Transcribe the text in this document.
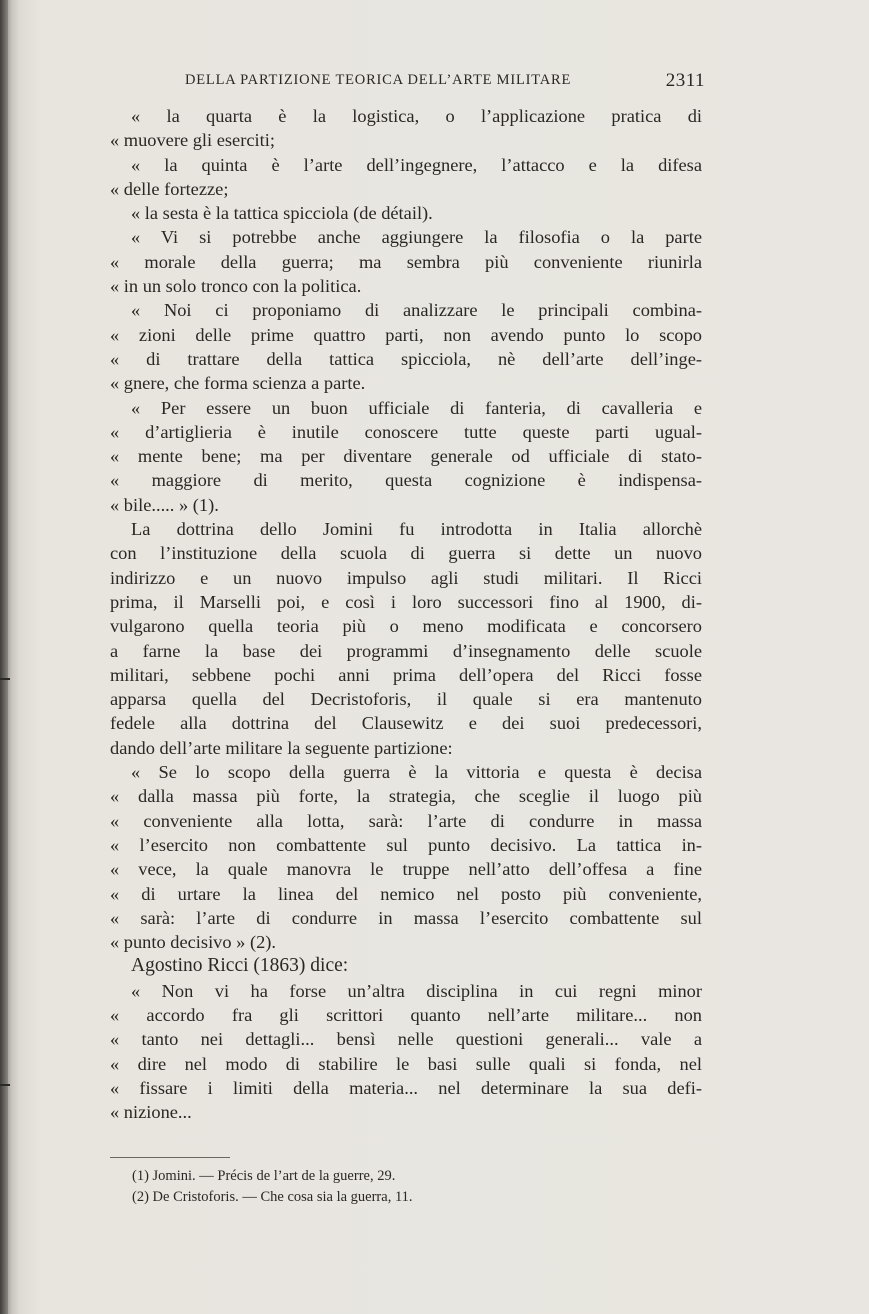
DELLA PARTIZIONE TEORICA DELL’ARTE MILITARE	2311
« la quarta è la logistica, o l’applicazione pratica di
« muovere gli eserciti;
« la quinta è l’arte dell’ingegnere, l’attacco e la difesa
« delle fortezze;
« la sesta è la tattica spicciola (de détail).
« Vi si potrebbe anche aggiungere la filosofia o la parte
« morale della guerra; ma sembra più conveniente riunirla
« in un solo tronco con la politica.
« Noi ci proponiamo di analizzare le principali combina-
« zioni delle prime quattro parti, non avendo punto lo scopo
« di trattare della tattica spicciola, nè dell’arte dell’inge-
« gnere, che forma scienza a parte.
« Per essere un buon ufficiale di fanteria, di cavalleria e
« d’artiglieria è inutile conoscere tutte queste parti ugual-
« mente bene; ma per diventare generale od ufficiale di stato-
« maggiore di merito, questa cognizione è indispensa-
« bile..... » (1).
La dottrina dello Jomini fu introdotta in Italia allorchè
con l’instituzione della scuola di guerra si dette un nuovo
indirizzo e un nuovo impulso agli studi militari. Il Ricci
prima, il Marselli poi, e così i loro successori fino al 1900, di-
vulgarono quella teoria più o meno modificata e concorsero
a farne la base dei programmi d’insegnamento delle scuole
militari, sebbene pochi anni prima dell’opera del Ricci fosse
apparsa quella del Decristoforis, il quale si era mantenuto
fedele alla dottrina del Clausewitz e dei suoi predecessori,
dando dell’arte militare la seguente partizione:
« Se lo scopo della guerra è la vittoria e questa è decisa
« dalla massa più forte, la strategia, che sceglie il luogo più
« conveniente alla lotta, sarà: l’arte di condurre in massa
« l’esercito non combattente sul punto decisivo. La tattica in-
« vece, la quale manovra le truppe nell’atto dell’offesa a fine
« di urtare la linea del nemico nel posto più conveniente,
« sarà: l’arte di condurre in massa l’esercito combattente sul
« punto decisivo » (2).
Agostino Ricci (1863) dice:
« Non vi ha forse un’altra disciplina in cui regni minor
« accordo fra gli scrittori quanto nell’arte militare... non
« tanto nei dettagli... bensì nelle questioni generali... vale a
« dire nel modo di stabilire le basi sulle quali si fonda, nel
« fissare i limiti della materia... nel determinare la sua defi-
« nizione...
(1) Jomini. — Précis de l’art de la guerre, 29.
(2) De Cristoforis. — Che cosa sia la guerra, 11.
